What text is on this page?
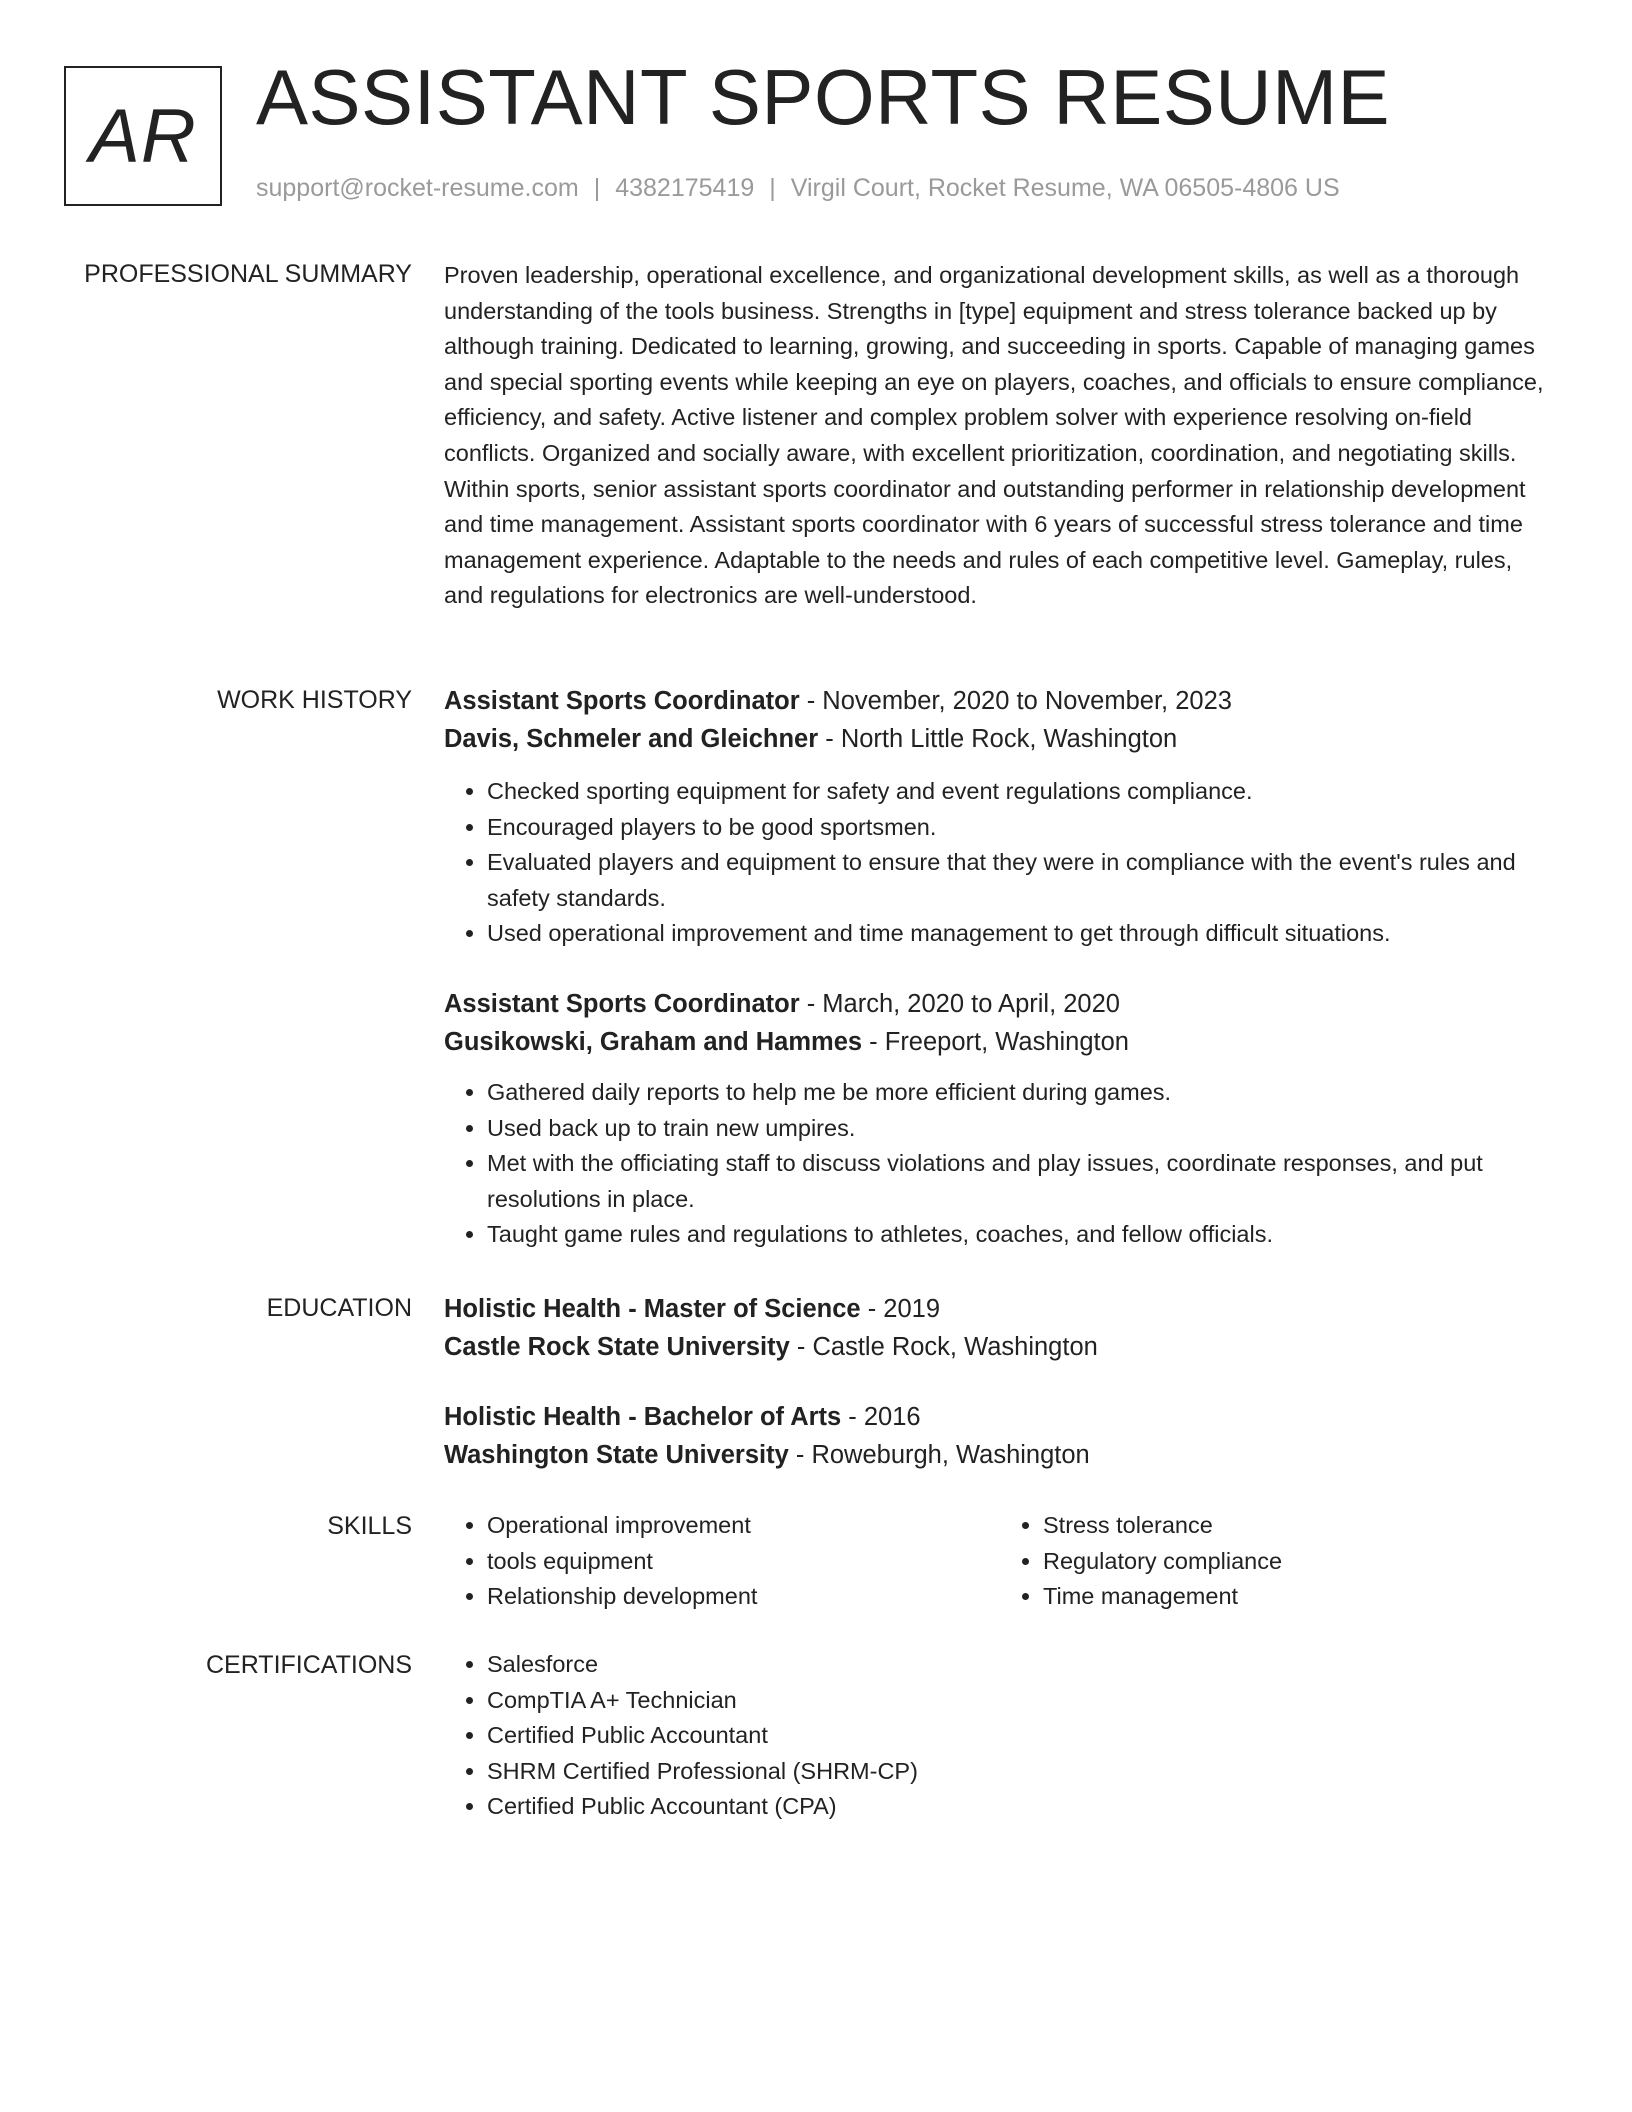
AR ASSISTANT SPORTS RESUME
support@rocket-resume.com | 4382175419 | Virgil Court, Rocket Resume, WA 06505-4806 US
PROFESSIONAL SUMMARY Proven leadership, operational excellence, and organizational development skills, as well as a thorough understanding of the tools business. Strengths in [type] equipment and stress tolerance backed up by although training. Dedicated to learning, growing, and succeeding in sports. Capable of managing games and special sporting events while keeping an eye on players, coaches, and officials to ensure compliance, efficiency, and safety. Active listener and complex problem solver with experience resolving on-field conflicts. Organized and socially aware, with excellent prioritization, coordination, and negotiating skills. Within sports, senior assistant sports coordinator and outstanding performer in relationship development and time management. Assistant sports coordinator with 6 years of successful stress tolerance and time management experience. Adaptable to the needs and rules of each competitive level. Gameplay, rules, and regulations for electronics are well-understood.
WORK HISTORY Assistant Sports Coordinator - November, 2020 to November, 2023
Davis, Schmeler and Gleichner - North Little Rock, Washington
• Checked sporting equipment for safety and event regulations compliance.
• Encouraged players to be good sportsmen.
• Evaluated players and equipment to ensure that they were in compliance with the event's rules and safety standards.
• Used operational improvement and time management to get through difficult situations.
Assistant Sports Coordinator - March, 2020 to April, 2020
Gusikowski, Graham and Hammes - Freeport, Washington
• Gathered daily reports to help me be more efficient during games.
• Used back up to train new umpires.
• Met with the officiating staff to discuss violations and play issues, coordinate responses, and put resolutions in place.
• Taught game rules and regulations to athletes, coaches, and fellow officials.
EDUCATION Holistic Health - Master of Science - 2019
Castle Rock State University - Castle Rock, Washington
Holistic Health - Bachelor of Arts - 2016
Washington State University - Roweburgh, Washington
SKILLS	• Operational improvement
• tools equipment
• Relationship development
• Stress tolerance
• Regulatory compliance
• Time management
CERTIFICATIONS	• Salesforce
• CompTIA A+ Technician
• Certified Public Accountant
• SHRM Certified Professional (SHRM-CP)
• Certified Public Accountant (CPA)
